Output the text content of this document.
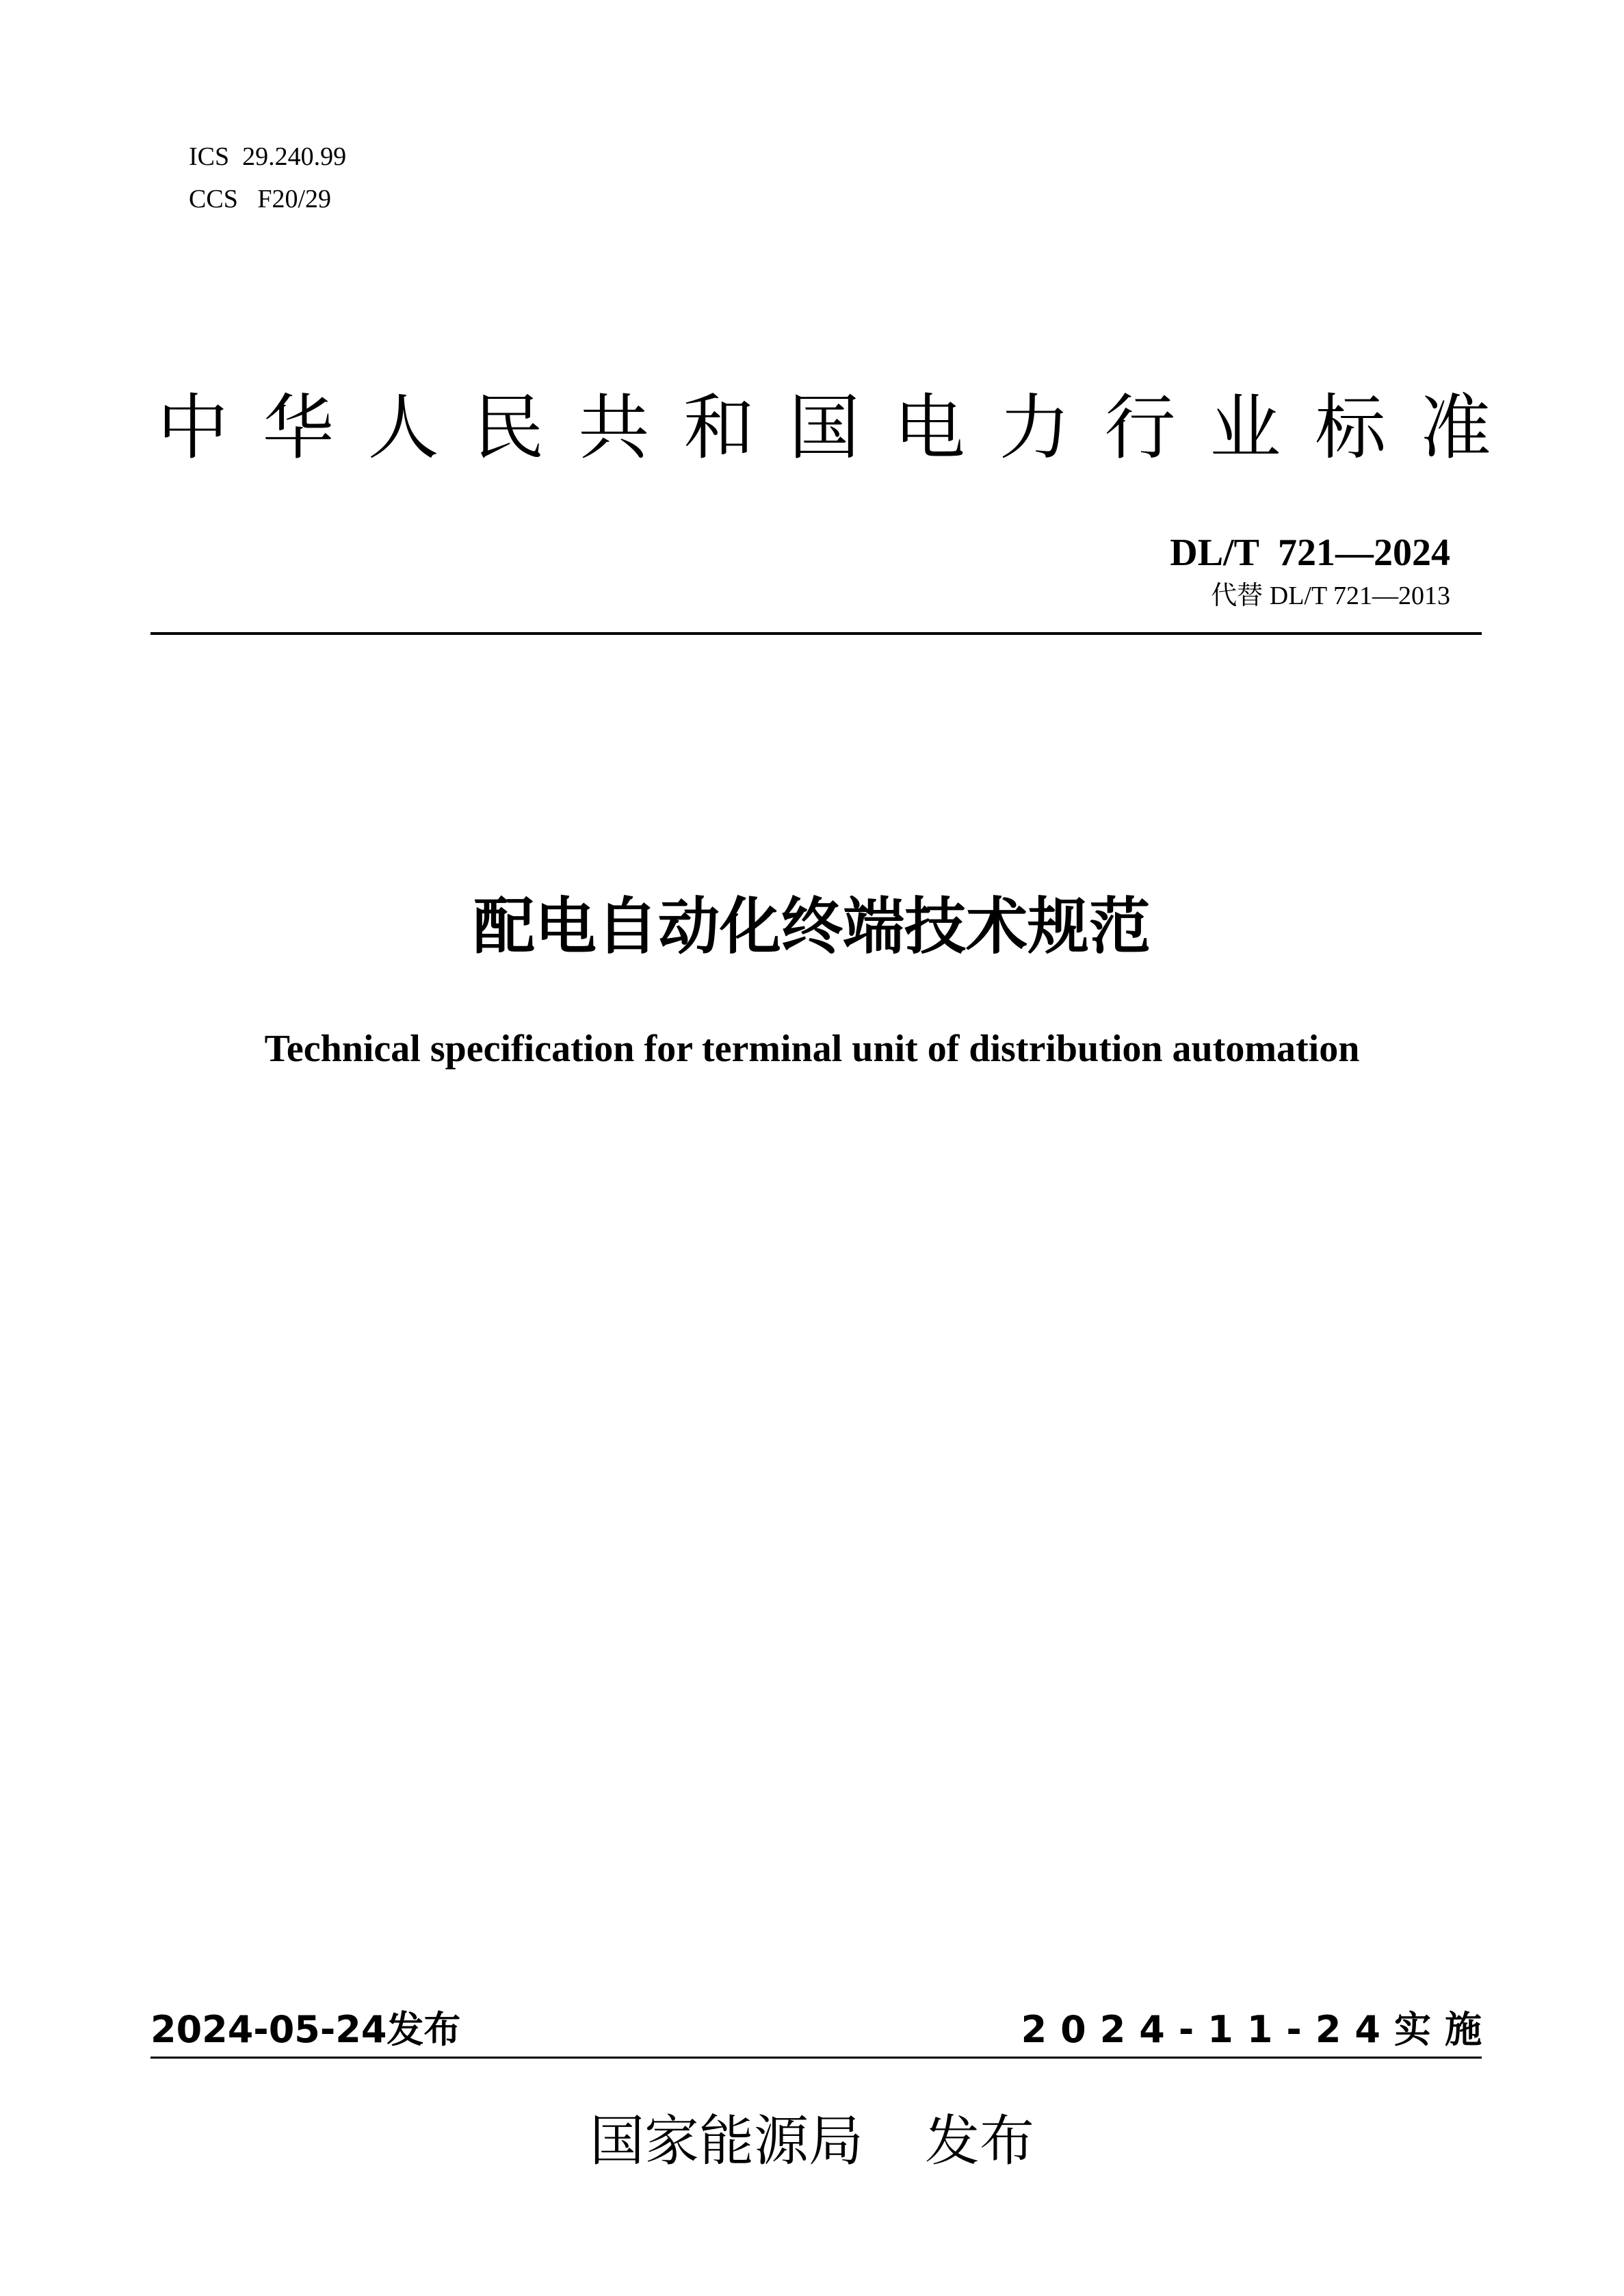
ICS  29.240.99
CCS   F20/29
中 华 人 民 共 和 国 电 力 行 业 标 准
DL/T  721—2024
代替 DL/T 721—2013
配电自动化终端技术规范
Technical specification for terminal unit of distribution automation
2024-05-24发布	2024-11-24实施
国家能源局 发布
